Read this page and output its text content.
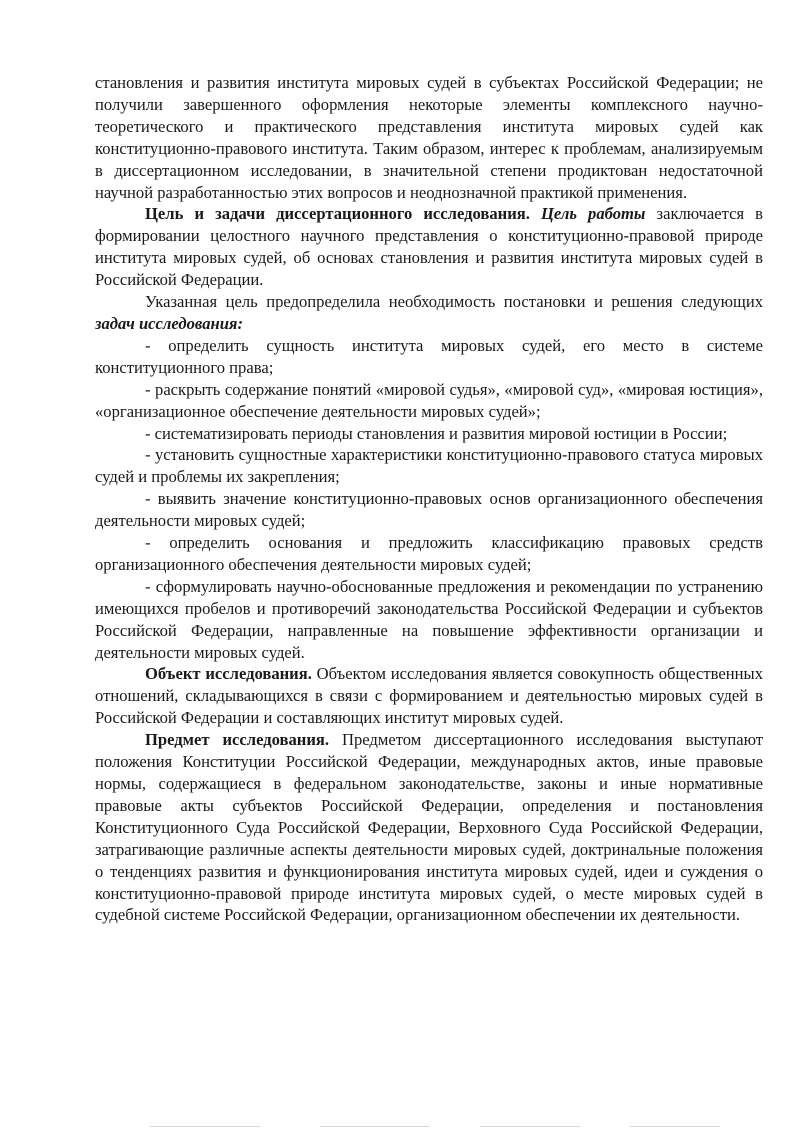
становления и развития института мировых судей в субъектах Российской Федерации; не получили завершенного оформления некоторые элементы комплексного научно-теоретического и практического представления института мировых судей как конституционно-правового института. Таким образом, интерес к проблемам, анализируемым в диссертационном исследовании, в значительной степени продиктован недостаточной научной разработанностью этих вопросов и неоднозначной практикой применения.

Цель и задачи диссертационного исследования. Цель работы заключается в формировании целостного научного представления о конституционно-правовой природе института мировых судей, об основах становления и развития института мировых судей в Российской Федерации.

Указанная цель предопределила необходимость постановки и решения следующих задач исследования:

- определить сущность института мировых судей, его место в системе конституционного права;

- раскрыть содержание понятий «мировой судья», «мировой суд», «мировая юстиция», «организационное обеспечение деятельности мировых судей»;

- систематизировать периоды становления и развития мировой юстиции в России;

- установить сущностные характеристики конституционно-правового статуса мировых судей и проблемы их закрепления;

- выявить значение конституционно-правовых основ организационного обеспечения деятельности мировых судей;

- определить основания и предложить классификацию правовых средств организационного обеспечения деятельности мировых судей;

- сформулировать научно-обоснованные предложения и рекомендации по устранению имеющихся пробелов и противоречий законодательства Российской Федерации и субъектов Российской Федерации, направленные на повышение эффективности организации и деятельности мировых судей.

Объект исследования. Объектом исследования является совокупность общественных отношений, складывающихся в связи с формированием и деятельностью мировых судей в Российской Федерации и составляющих институт мировых судей.

Предмет исследования. Предметом диссертационного исследования выступают положения Конституции Российской Федерации, международных актов, иные правовые нормы, содержащиеся в федеральном законодательстве, законы и иные нормативные правовые акты субъектов Российской Федерации, определения и постановления Конституционного Суда Российской Федерации, Верховного Суда Российской Федерации, затрагивающие различные аспекты деятельности мировых судей, доктринальные положения о тенденциях развития и функционирования института мировых судей, идеи и суждения о конституционно-правовой природе института мировых судей, о месте мировых судей в судебной системе Российской Федерации, организационном обеспечении их деятельности.
